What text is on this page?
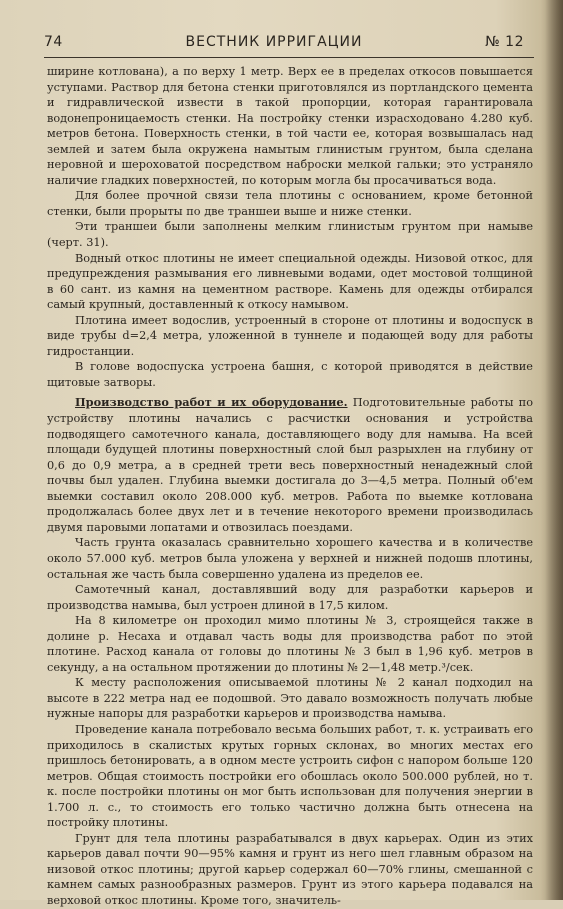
74	ВЕСТНИК ИРРИГАЦИИ	№ 12

ширине котлована), а по верху 1 метр. Верх ее в пределах откосов повышается уступами. Раствор для бетона стенки приготовлялся из портландского цемента и гидравлической извести в такой пропорции, которая гарантировала водонепроницаемость стенки. На постройку стенки израсходовано 4.280 куб. метров бетона. Поверхность стенки, в той части ее, которая возвышалась над землей и затем была окружена намытым глинистым грунтом, была сделана неровной и шероховатой посредством наброски мелкой гальки; это устраняло наличие гладких поверхностей, по которым могла бы просачиваться вода.

Для более прочной связи тела плотины с основанием, кроме бетонной стенки, были прорыты по две траншеи выше и ниже стенки.

Эти траншеи были заполнены мелким глинистым грунтом при намыве (черт. 31).

Водный откос плотины не имеет специальной одежды. Низовой откос, для предупреждения размывания его ливневыми водами, одет мостовой толщиной в 60 сант. из камня на цементном растворе. Камень для одежды отбирался самый крупный, доставленный к откосу намывом.

Плотина имеет водослив, устроенный в стороне от плотины и водоспуск в виде трубы d=2,4 метра, уложенной в туннеле и подающей воду для работы гидростанции.

В голове водоспуска устроена башня, с которой приводятся в действие щитовые затворы.

Производство работ и их оборудование. Подготовительные работы по устройству плотины начались с расчистки основания и устройства подводящего самотечного канала, доставляющего воду для намыва. На всей площади будущей плотины поверхностный слой был разрыхлен на глубину от 0,6 до 0,9 метра, а в средней трети весь поверхностный ненадежный слой почвы был удален. Глубина выемки достигала до 3—4,5 метра. Полный об'ем выемки составил около 208.000 куб. метров. Работа по выемке котлована продолжалась более двух лет и в течение некоторого времени производилась двумя паровыми лопатами и отвозилась поездами.

Часть грунта оказалась сравнительно хорошего качества и в количестве около 57.000 куб. метров была уложена у верхней и нижней подошв плотины, остальная же часть была совершенно удалена из пределов ее.

Самотечный канал, доставлявший воду для разработки карьеров и производства намыва, был устроен длиной в 17,5 килом.

На 8 километре он проходил мимо плотины № 3, строящейся также в долине р. Несаха и отдавал часть воды для производства работ по этой плотине. Расход канала от головы до плотины № 3 был в 1,96 куб. метров в секунду, а на остальном протяжении до плотины № 2—1,48 метр.³/сек.

К месту расположения описываемой плотины № 2 канал подходил на высоте в 222 метра над ее подошвой. Это давало возможность получать любые нужные напоры для разработки карьеров и производства намыва.

Проведение канала потребовало весьма больших работ, т. к. устраивать его приходилось в скалистых крутых горных склонах, во многих местах его пришлось бетонировать, а в одном месте устроить сифон с напором больше 120 метров. Общая стоимость постройки его обошлась около 500.000 рублей, но т. к. после постройки плотины он мог быть использован для получения энергии в 1.700 л. с., то стоимость его только частично должна быть отнесена на постройку плотины.

Грунт для тела плотины разрабатывался в двух карьерах. Один из этих карьеров давал почти 90—95% камня и грунт из него шел главным образом на низовой откос плотины; другой карьер содержал 60—70% глины, смешанной с камнем самых разнообразных размеров. Грунт из этого карьера подавался на верховой откос плотины. Кроме того, значитель-
